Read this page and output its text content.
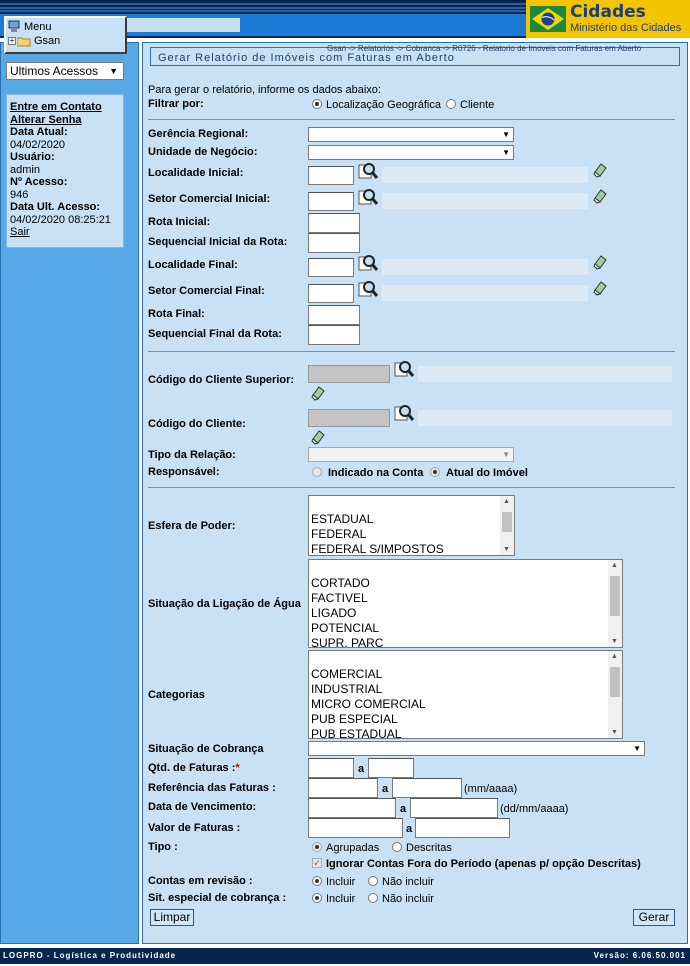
Cidades
Ministério das Cidades
Menu
+ Gsan
Ultimos Acessos ▼
Entre em Contato
Alterar Senha
Data Atual:
04/02/2020
Usuário:
admin
Nº Acesso:
946
Data Ult. Acesso:
04/02/2020 08:25:21
Sair
Gsan -> Relatorios -> Cobranca -> R0726 - Relatorio de Imoveis com Faturas em Aberto
Gerar Relatório de Imóveis com Faturas em Aberto
Para gerar o relatório, informe os dados abaixo:
Filtrar por:	Localização Geográfica Cliente
Gerência Regional:	▼
Unidade de Negócio:	▼
Localidade Inicial:
Setor Comercial Inicial:
Rota Inicial:
Sequencial Inicial da Rota:
Localidade Final:
Setor Comercial Final:
Rota Final:
Sequencial Final da Rota:
Código do Cliente Superior:
Código do Cliente:
Tipo da Relação:	▼
Responsável:	Indicado na Conta Atual do Imóvel
Esfera de Poder:	ESTADUAL
FEDERAL
FEDERAL S/IMPOSTOS
▲
▼
Situação da Ligação de Água
CORTADO
FACTIVEL
LIGADO
POTENCIAL
SUPR. PARC
▲
▼
Categorias
COMERCIAL
INDUSTRIAL
MICRO COMERCIAL
PUB ESPECIAL
PUB ESTADUAL
▲
▼
Situação de Cobrança	▼
Qtd. de Faturas :*	a
Referência das Faturas :	a	(mm/aaaa)
Data de Vencimento:	a	(dd/mm/aaaa)
Valor de Faturas :	a
Tipo :	Agrupadas Descritas
✓ Ignorar Contas Fora do Período (apenas p/ opção Descritas)
Contas em revisão :	Incluir Não incluir
Sit. especial de cobrança :	Incluir Não incluir
Limpar	Gerar
LOGPRO - Logística e Produtividade	Versão: 6.06.50.001
